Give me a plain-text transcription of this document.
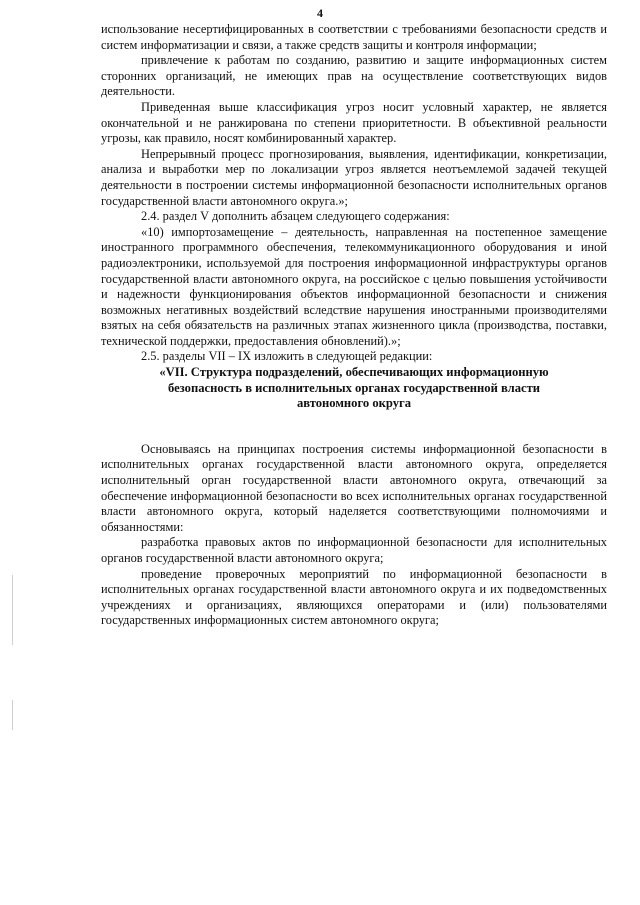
4

использование несертифицированных в соответствии с требованиями безопасности средств и систем информатизации и связи, а также средств защиты и контроля информации;

привлечение к работам по созданию, развитию и защите информационных систем сторонних организаций, не имеющих прав на осуществление соответствующих видов деятельности.

Приведенная выше классификация угроз носит условный характер, не является окончательной и не ранжирована по степени приоритетности. В объективной реальности угрозы, как правило, носят комбинированный характер.

Непрерывный процесс прогнозирования, выявления, идентификации, конкретизации, анализа и выработки мер по локализации угроз является неотъемлемой задачей текущей деятельности в построении системы информационной безопасности исполнительных органов государственной власти автономного округа.»;

2.4. раздел V дополнить абзацем следующего содержания:

«10) импортозамещение – деятельность, направленная на постепенное замещение иностранного программного обеспечения, телекоммуникационного оборудования и иной радиоэлектроники, используемой для построения информационной инфраструктуры органов государственной власти автономного округа, на российское с целью повышения устойчивости и надежности функционирования объектов информационной безопасности и снижения возможных негативных воздействий вследствие нарушения иностранными производителями взятых на себя обязательств на различных этапах жизненного цикла (производства, поставки, технической поддержки, предоставления обновлений).»;

2.5. разделы VII – IX изложить в следующей редакции:

«VII. Структура подразделений, обеспечивающих информационную

безопасность в исполнительных органах государственной власти

автономного округа

Основываясь на принципах построения системы информационной безопасности в исполнительных органах государственной власти автономного округа, определяется исполнительный орган государственной власти автономного округа, отвечающий за обеспечение информационной безопасности во всех исполнительных органах государственной власти автономного округа, который наделяется соответствующими полномочиями и обязанностями:

разработка правовых актов по информационной безопасности для исполнительных органов государственной власти автономного округа;

проведение проверочных мероприятий по информационной безопасности в исполнительных органах государственной власти автономного округа и их подведомственных учреждениях и организациях, являющихся операторами и (или) пользователями государственных информационных систем автономного округа;
